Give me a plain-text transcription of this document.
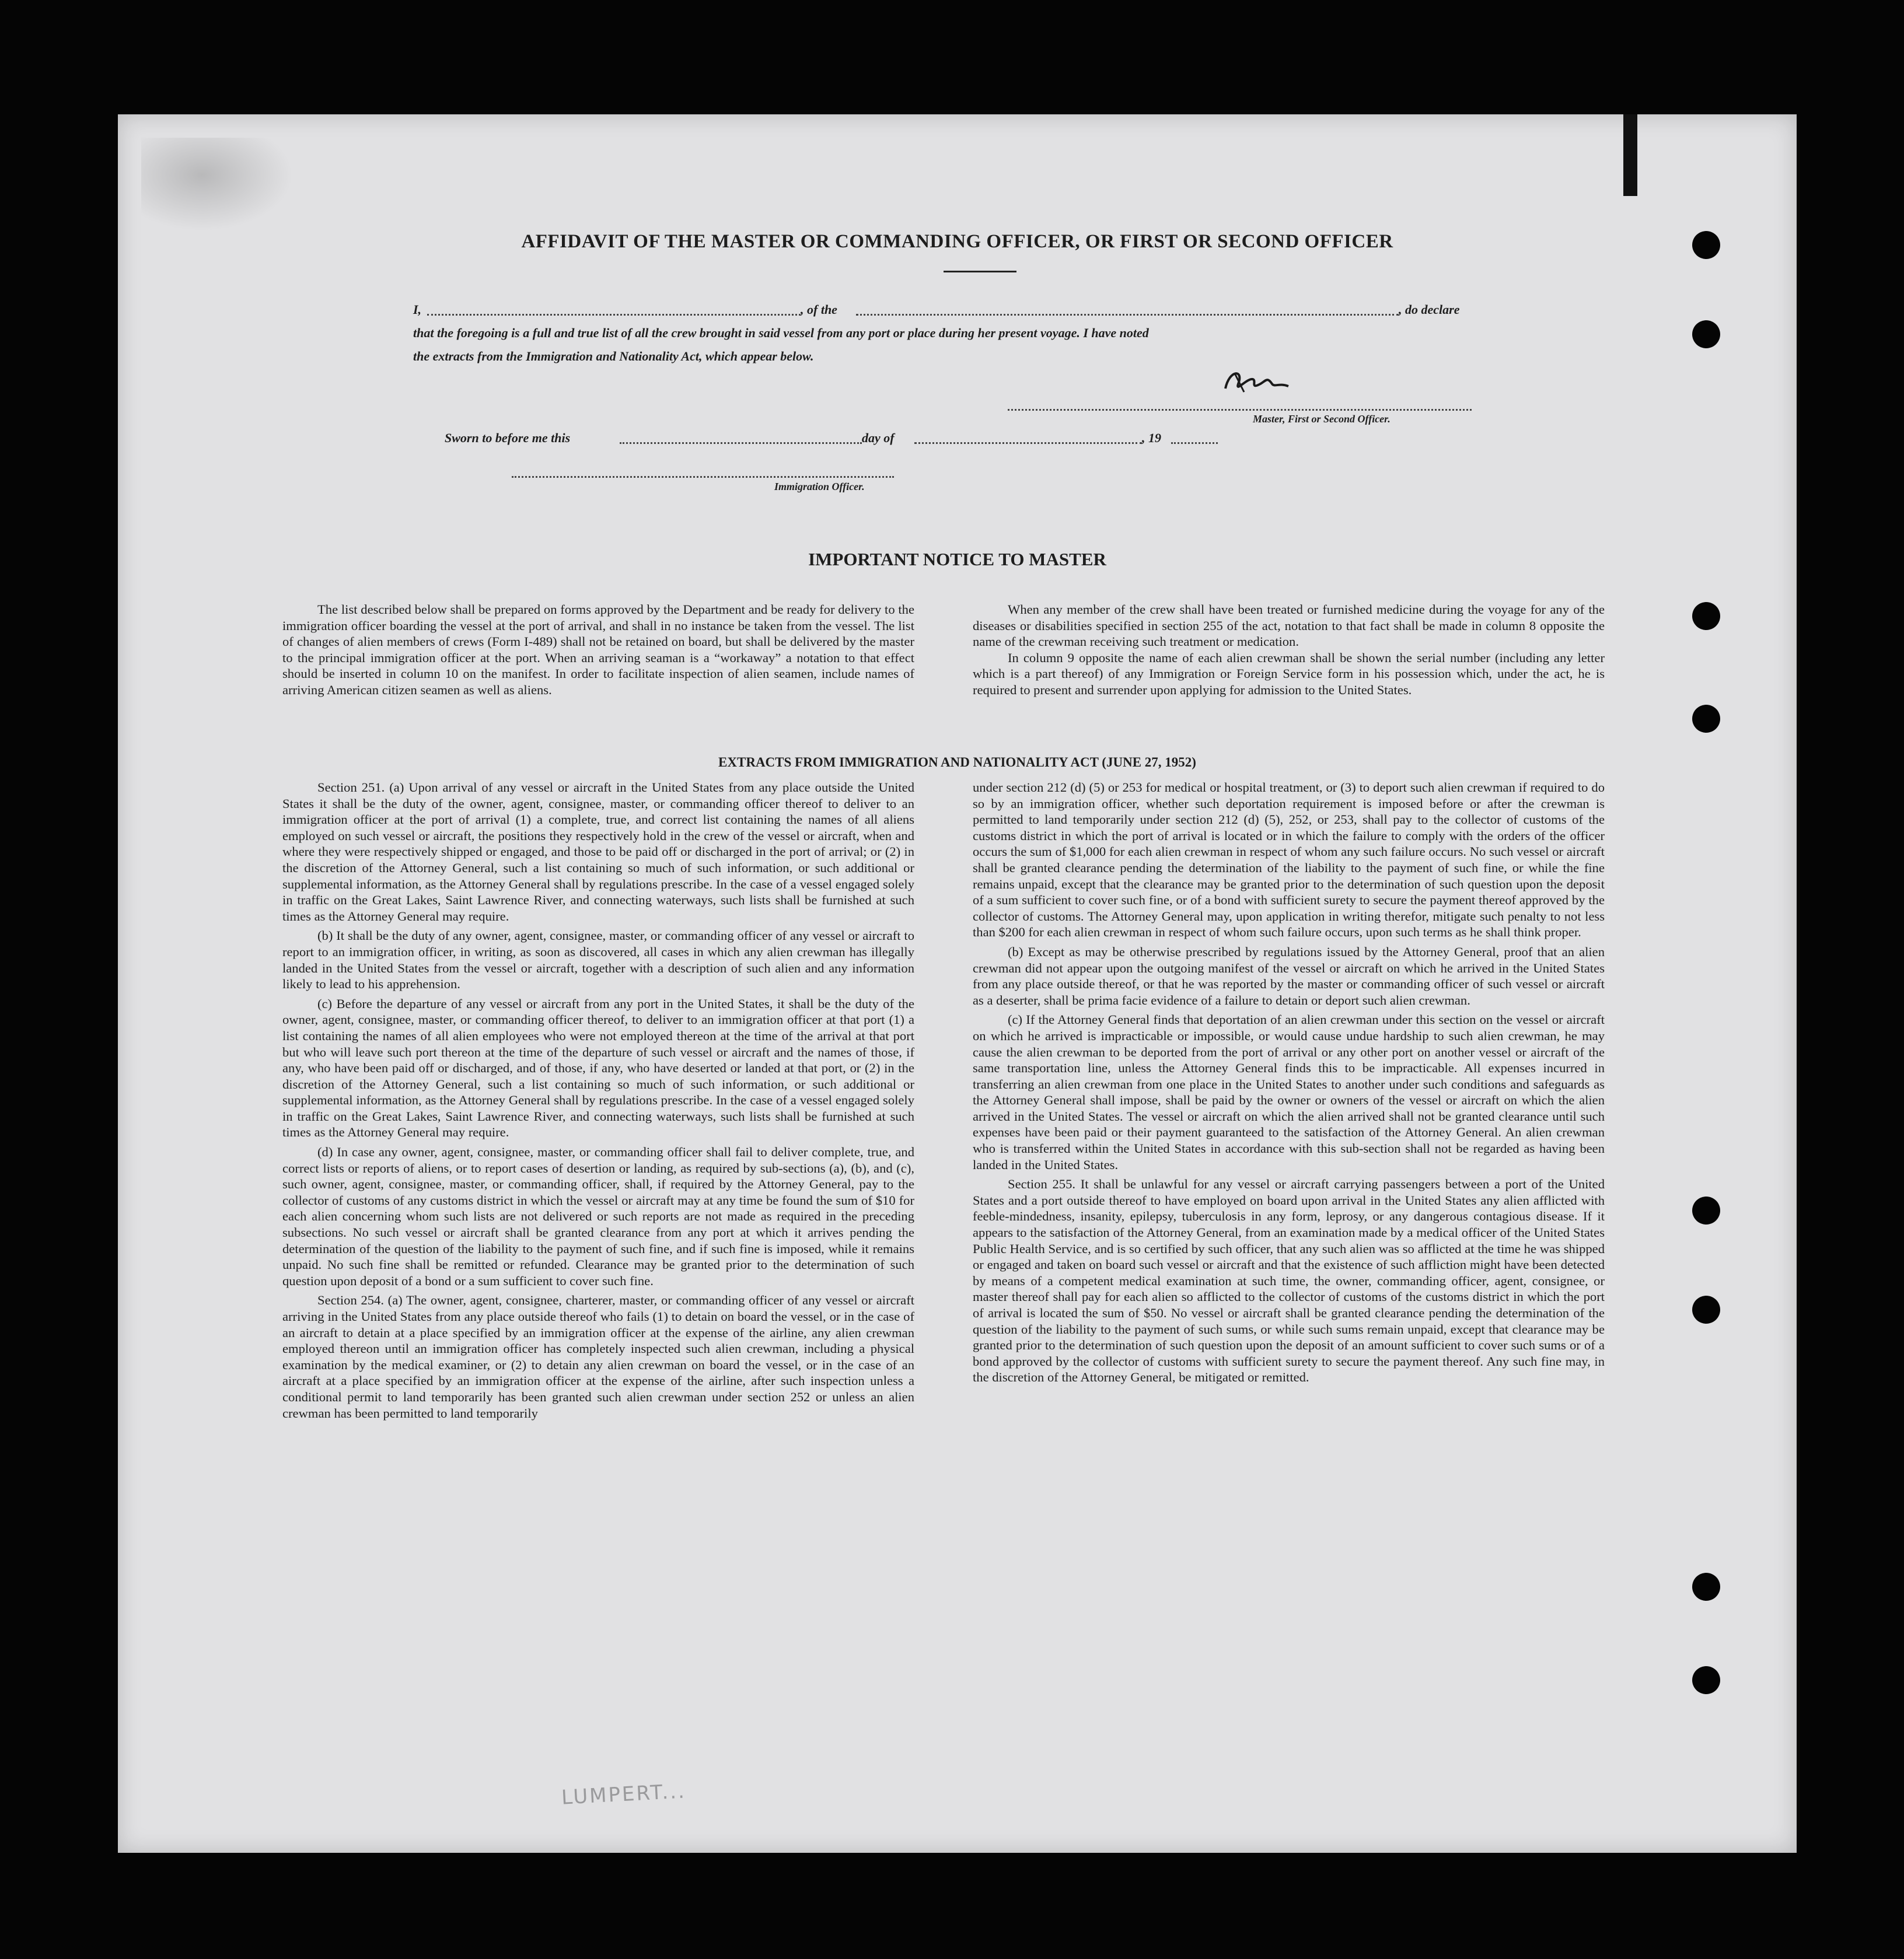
AFFIDAVIT OF THE MASTER OR COMMANDING OFFICER, OR FIRST OR SECOND OFFICER
I,	, of the	, do declare
that the foregoing is a full and true list of all the crew brought in said vessel from any port or place during her present voyage. I have noted
the extracts from the Immigration and Nationality Act, which appear below.
Master, First or Second Officer.
Sworn to before me this	day of	, 19
Immigration Officer.
IMPORTANT NOTICE TO MASTER

The list described below shall be prepared on forms approved by the Department and be ready for delivery to the immigration officer boarding the vessel at the port of arrival, and shall in no instance be taken from the vessel. The list of changes of alien members of crews (Form I-489) shall not be retained on board, but shall be delivered by the master to the principal immigration officer at the port. When an arriving seaman is a “workaway” a notation to that effect should be inserted in column 10 on the manifest. In order to facilitate inspection of alien seamen, include names of arriving American citizen seamen as well as aliens.

When any member of the crew shall have been treated or furnished medicine during the voyage for any of the diseases or disabilities specified in section 255 of the act, notation to that fact shall be made in column 8 opposite the name of the crewman receiving such treatment or medication.

In column 9 opposite the name of each alien crewman shall be shown the serial number (including any letter which is a part thereof) of any Immigration or Foreign Service form in his possession which, under the act, he is required to present and surrender upon applying for admission to the United States.

EXTRACTS FROM IMMIGRATION AND NATIONALITY ACT (JUNE 27, 1952)

Section 251. (a) Upon arrival of any vessel or aircraft in the United States from any place outside the United States it shall be the duty of the owner, agent, consignee, master, or commanding officer thereof to deliver to an immigration officer at the port of arrival (1) a complete, true, and correct list containing the names of all aliens employed on such vessel or aircraft, the positions they respectively hold in the crew of the vessel or aircraft, when and where they were respectively shipped or engaged, and those to be paid off or discharged in the port of arrival; or (2) in the discretion of the Attorney General, such a list containing so much of such information, or such additional or supplemental information, as the Attorney General shall by regulations prescribe. In the case of a vessel engaged solely in traffic on the Great Lakes, Saint Lawrence River, and connecting waterways, such lists shall be furnished at such times as the Attorney General may require.

(b) It shall be the duty of any owner, agent, consignee, master, or commanding officer of any vessel or aircraft to report to an immigration officer, in writing, as soon as discovered, all cases in which any alien crewman has illegally landed in the United States from the vessel or aircraft, together with a description of such alien and any information likely to lead to his apprehension.

(c) Before the departure of any vessel or aircraft from any port in the United States, it shall be the duty of the owner, agent, consignee, master, or commanding officer thereof, to deliver to an immigration officer at that port (1) a list containing the names of all alien employees who were not employed thereon at the time of the arrival at that port but who will leave such port thereon at the time of the departure of such vessel or aircraft and the names of those, if any, who have been paid off or discharged, and of those, if any, who have deserted or landed at that port, or (2) in the discretion of the Attorney General, such a list containing so much of such information, or such additional or supplemental information, as the Attorney General shall by regulations prescribe. In the case of a vessel engaged solely in traffic on the Great Lakes, Saint Lawrence River, and connecting waterways, such lists shall be furnished at such times as the Attorney General may require.

(d) In case any owner, agent, consignee, master, or commanding officer shall fail to deliver complete, true, and correct lists or reports of aliens, or to report cases of desertion or landing, as required by sub-sections (a), (b), and (c), such owner, agent, consignee, master, or commanding officer, shall, if required by the Attorney General, pay to the collector of customs of any customs district in which the vessel or aircraft may at any time be found the sum of $10 for each alien concerning whom such lists are not delivered or such reports are not made as required in the preceding subsections. No such vessel or aircraft shall be granted clearance from any port at which it arrives pending the determination of the question of the liability to the payment of such fine, and if such fine is imposed, while it remains unpaid. No such fine shall be remitted or refunded. Clearance may be granted prior to the determination of such question upon deposit of a bond or a sum sufficient to cover such fine.

Section 254. (a) The owner, agent, consignee, charterer, master, or commanding officer of any vessel or aircraft arriving in the United States from any place outside thereof who fails (1) to detain on board the vessel, or in the case of an aircraft to detain at a place specified by an immigration officer at the expense of the airline, any alien crewman employed thereon until an immigration officer has completely inspected such alien crewman, including a physical examination by the medical examiner, or (2) to detain any alien crewman on board the vessel, or in the case of an aircraft at a place specified by an immigration officer at the expense of the airline, after such inspection unless a conditional permit to land temporarily has been granted such alien crewman under section 252 or unless an alien crewman has been permitted to land temporarily

under section 212 (d) (5) or 253 for medical or hospital treatment, or (3) to deport such alien crewman if required to do so by an immigration officer, whether such deportation requirement is imposed before or after the crewman is permitted to land temporarily under section 212 (d) (5), 252, or 253, shall pay to the collector of customs of the customs district in which the port of arrival is located or in which the failure to comply with the orders of the officer occurs the sum of $1,000 for each alien crewman in respect of whom any such failure occurs. No such vessel or aircraft shall be granted clearance pending the determination of the liability to the payment of such fine, or while the fine remains unpaid, except that the clearance may be granted prior to the determination of such question upon the deposit of a sum sufficient to cover such fine, or of a bond with sufficient surety to secure the payment thereof approved by the collector of customs. The Attorney General may, upon application in writing therefor, mitigate such penalty to not less than $200 for each alien crewman in respect of whom such failure occurs, upon such terms as he shall think proper.

(b) Except as may be otherwise prescribed by regulations issued by the Attorney General, proof that an alien crewman did not appear upon the outgoing manifest of the vessel or aircraft on which he arrived in the United States from any place outside thereof, or that he was reported by the master or commanding officer of such vessel or aircraft as a deserter, shall be prima facie evidence of a failure to detain or deport such alien crewman.

(c) If the Attorney General finds that deportation of an alien crewman under this section on the vessel or aircraft on which he arrived is impracticable or impossible, or would cause undue hardship to such alien crewman, he may cause the alien crewman to be deported from the port of arrival or any other port on another vessel or aircraft of the same transportation line, unless the Attorney General finds this to be impracticable. All expenses incurred in transferring an alien crewman from one place in the United States to another under such conditions and safeguards as the Attorney General shall impose, shall be paid by the owner or owners of the vessel or aircraft on which the alien arrived in the United States. The vessel or aircraft on which the alien arrived shall not be granted clearance until such expenses have been paid or their payment guaranteed to the satisfaction of the Attorney General. An alien crewman who is transferred within the United States in accordance with this sub-section shall not be regarded as having been landed in the United States.

Section 255. It shall be unlawful for any vessel or aircraft carrying passengers between a port of the United States and a port outside thereof to have employed on board upon arrival in the United States any alien afflicted with feeble-mindedness, insanity, epilepsy, tuberculosis in any form, leprosy, or any dangerous contagious disease. If it appears to the satisfaction of the Attorney General, from an examination made by a medical officer of the United States Public Health Service, and is so certified by such officer, that any such alien was so afflicted at the time he was shipped or engaged and taken on board such vessel or aircraft and that the existence of such affliction might have been detected by means of a competent medical examination at such time, the owner, commanding officer, agent, consignee, or master thereof shall pay for each alien so afflicted to the collector of customs of the customs district in which the port of arrival is located the sum of $50. No vessel or aircraft shall be granted clearance pending the determination of the question of the liability to the payment of such sums, or while such sums remain unpaid, except that clearance may be granted prior to the determination of such question upon the deposit of an amount sufficient to cover such sums or of a bond approved by the collector of customs with sufficient surety to secure the payment thereof. Any such fine may, in the discretion of the Attorney General, be mitigated or remitted.

LUMPERT...
